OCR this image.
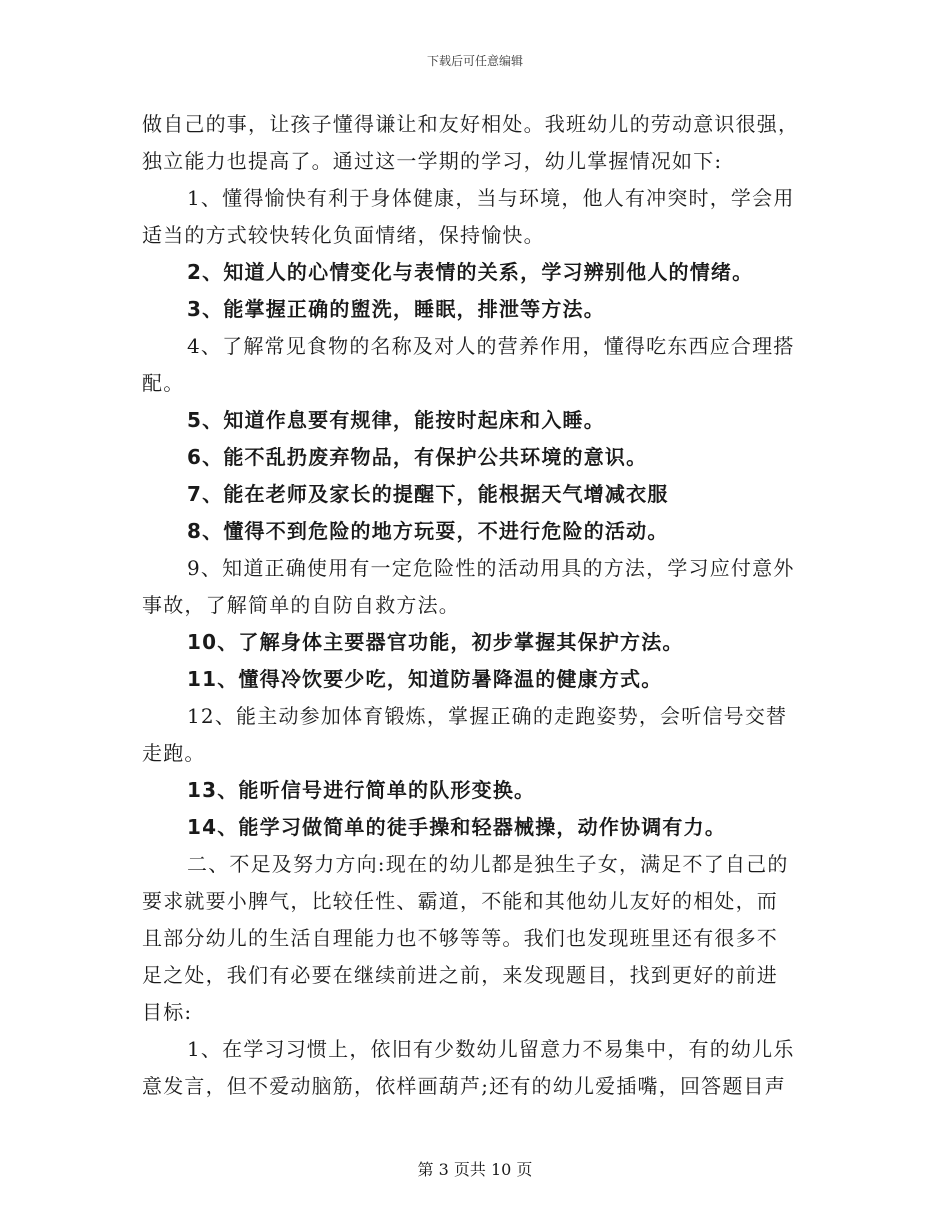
下载后可任意编辑
做自己的事，让孩子懂得谦让和友好相处。我班幼儿的劳动意识很强，
独立能力也提高了。通过这一学期的学习，幼儿掌握情况如下:
1、懂得愉快有利于身体健康，当与环境，他人有冲突时，学会用
适当的方式较快转化负面情绪，保持愉快。
2、知道人的心情变化与表情的关系，学习辨别他人的情绪。
3、能掌握正确的盥洗，睡眠，排泄等方法。
4、了解常见食物的名称及对人的营养作用，懂得吃东西应合理搭
配。
5、知道作息要有规律，能按时起床和入睡。
6、能不乱扔废弃物品，有保护公共环境的意识。
7、能在老师及家长的提醒下，能根据天气增减衣服
8、懂得不到危险的地方玩耍，不进行危险的活动。
9、知道正确使用有一定危险性的活动用具的方法，学习应付意外
事故，了解简单的自防自救方法。
10、了解身体主要器官功能，初步掌握其保护方法。
11、懂得冷饮要少吃，知道防暑降温的健康方式。
12、能主动参加体育锻炼，掌握正确的走跑姿势，会听信号交替
走跑。
13、能听信号进行简单的队形变换。
14、能学习做简单的徒手操和轻器械操，动作协调有力。
二、不足及努力方向:现在的幼儿都是独生子女，满足不了自己的
要求就要小脾气，比较任性、霸道，不能和其他幼儿友好的相处，而
且部分幼儿的生活自理能力也不够等等。我们也发现班里还有很多不
足之处，我们有必要在继续前进之前，来发现题目，找到更好的前进
目标:
1、在学习习惯上，依旧有少数幼儿留意力不易集中，有的幼儿乐
意发言，但不爱动脑筋，依样画葫芦;还有的幼儿爱插嘴，回答题目声
第 3 页共 10 页
